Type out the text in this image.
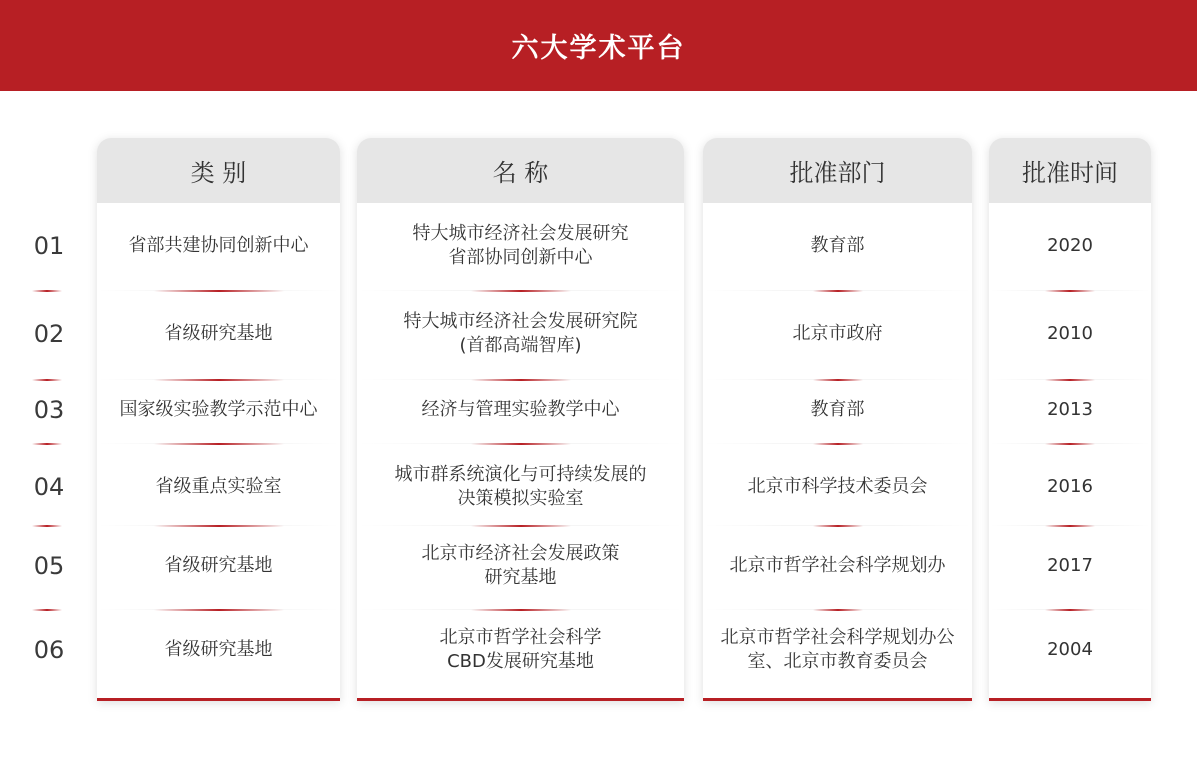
六大学术平台
01
02
03
04
05
06
类 别
省部共建协同创新中心
省级研究基地
国家级实验教学示范中心
省级重点实验室
省级研究基地
省级研究基地
名 称
特大城市经济社会发展研究
省部协同创新中心
特大城市经济社会发展研究院
(首都高端智库)
经济与管理实验教学中心
城市群系统演化与可持续发展的
决策模拟实验室
北京市经济社会发展政策
研究基地
北京市哲学社会科学
CBD发展研究基地
批准部门
教育部
北京市政府
教育部
北京市科学技术委员会
北京市哲学社会科学规划办
北京市哲学社会科学规划办公
室、北京市教育委员会
批准时间
2020
2010
2013
2016
2017
2004
